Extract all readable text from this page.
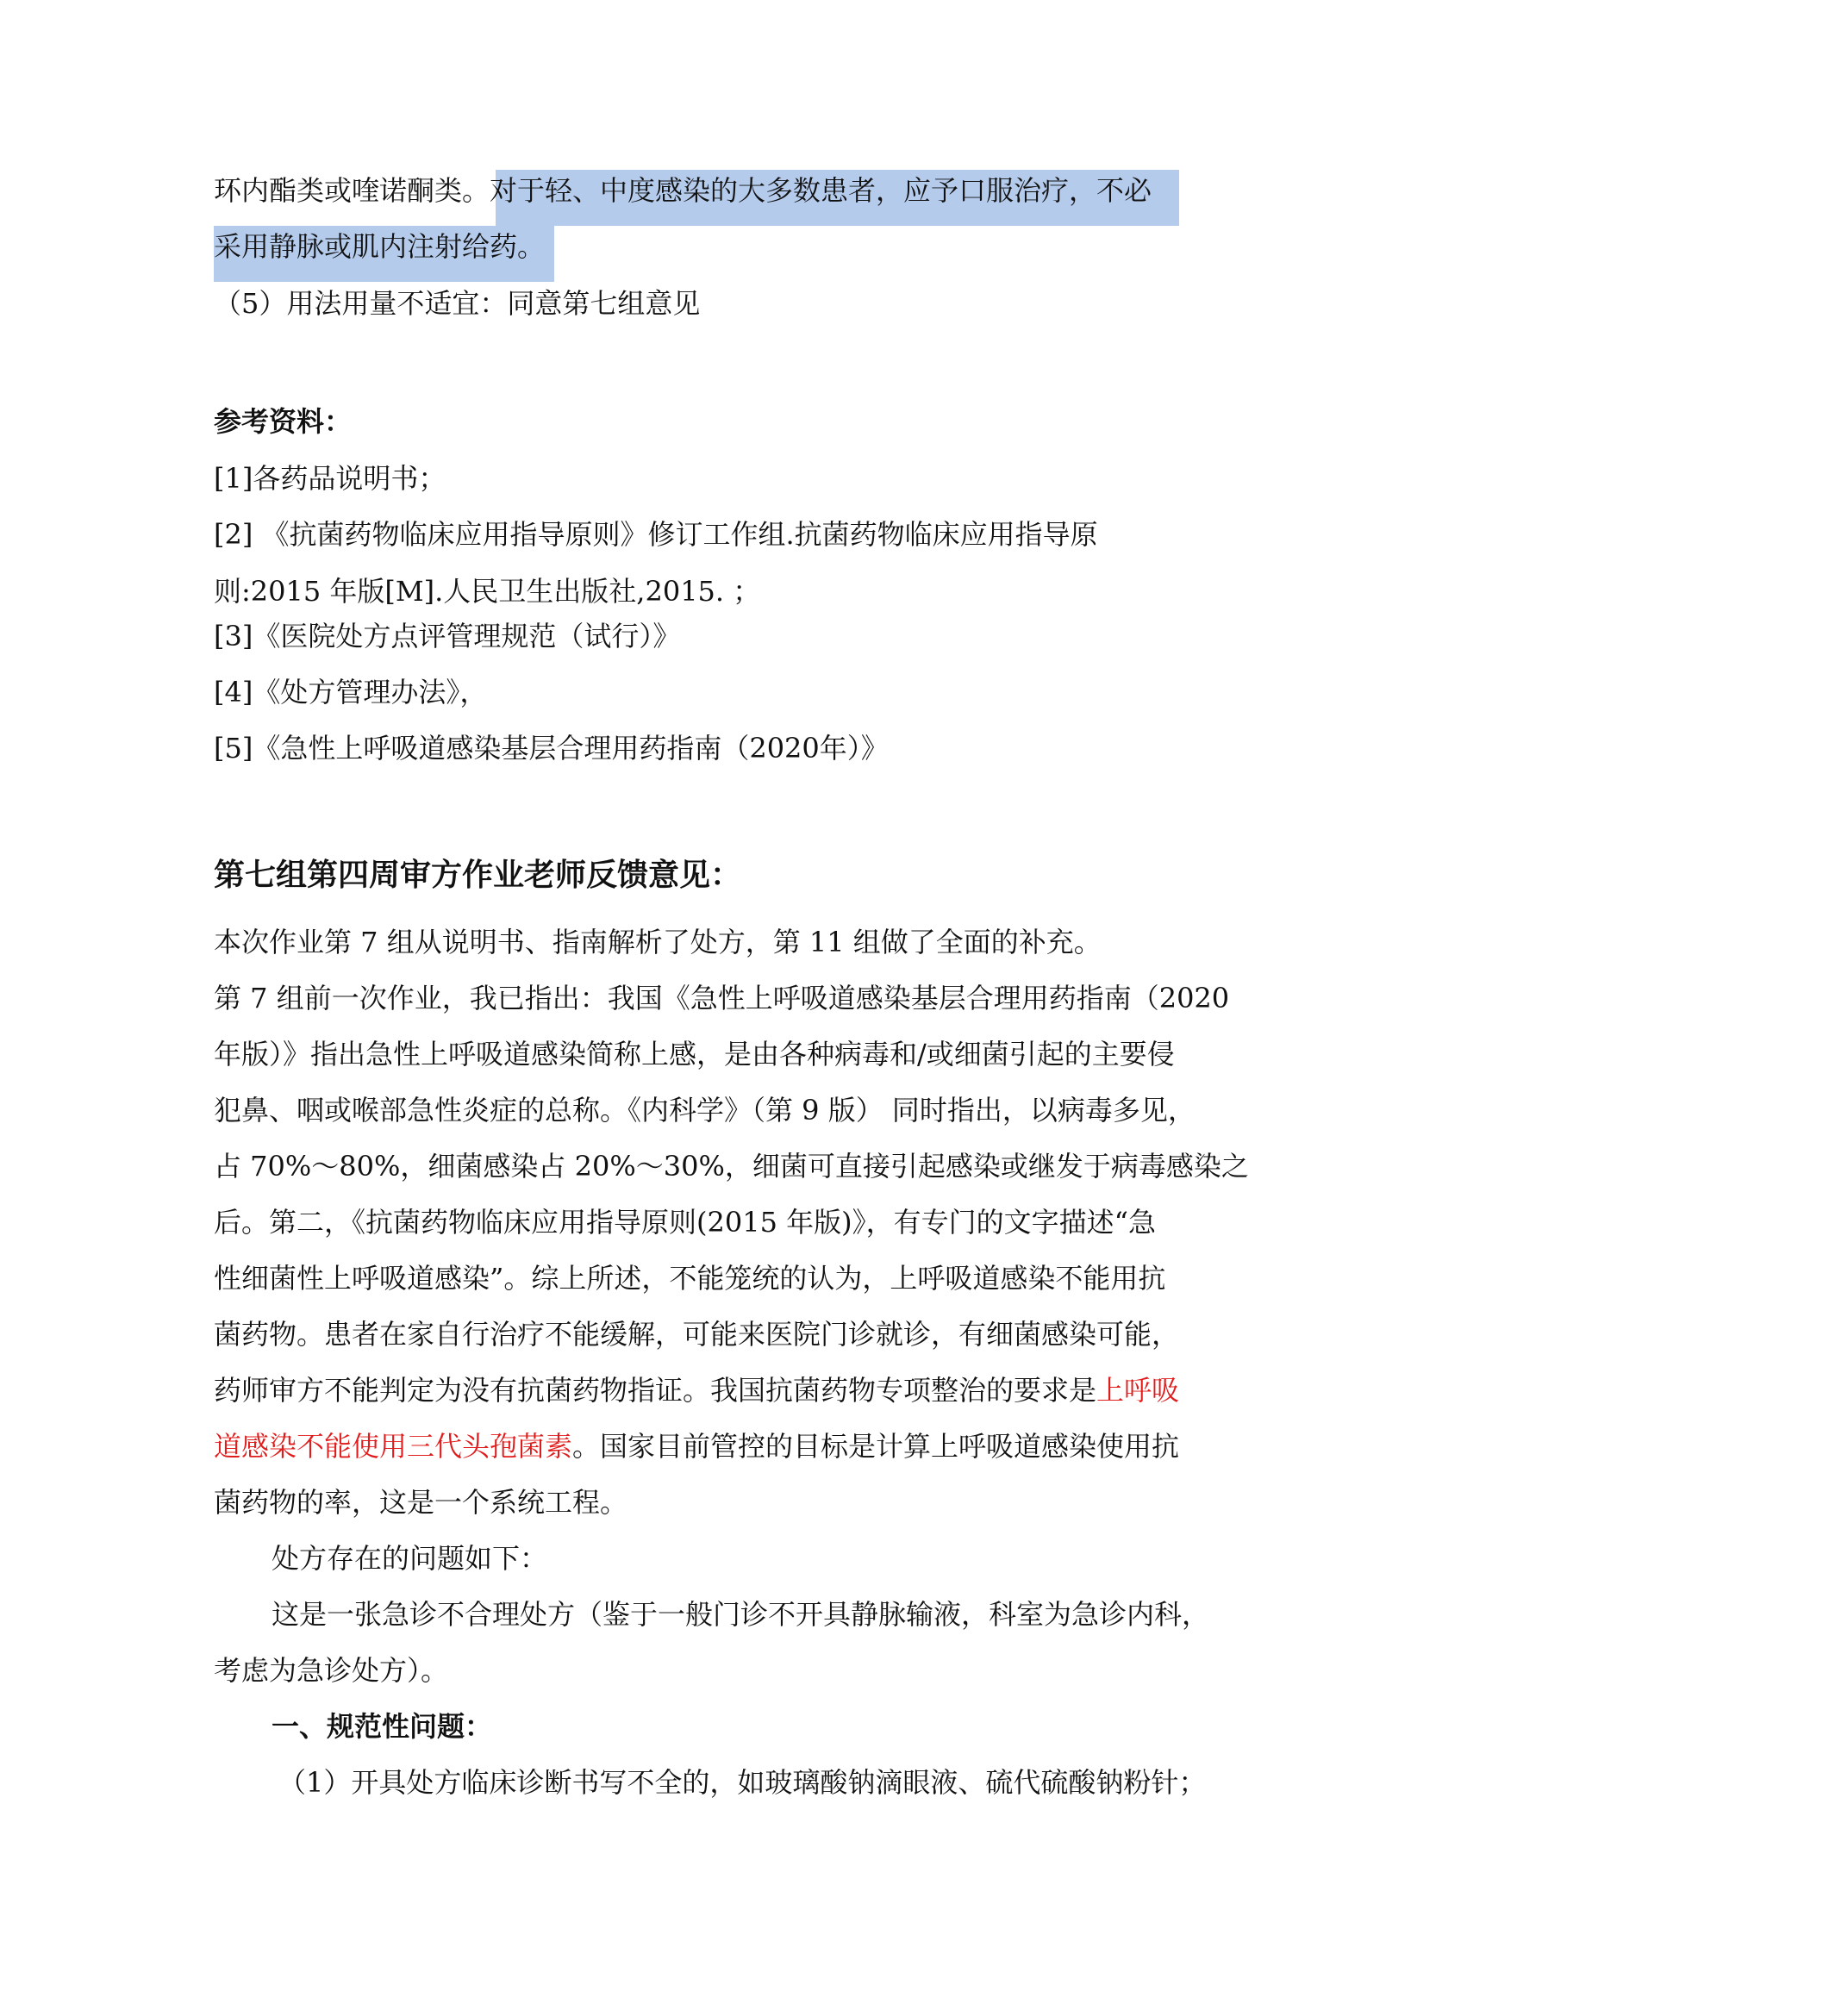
环内酯类或喹诺酮类。对于轻、中度感染的大多数患者，应予口服治疗，不必

采用静脉或肌内注射给药。

（5）用法用量不适宜：同意第七组意见

参考资料：

[1]各药品说明书；

[2] 《抗菌药物临床应用指导原则》修订工作组.抗菌药物临床应用指导原

则:2015 年版[M].人民卫生出版社,2015. ；

[3]《医院处方点评管理规范（试行）》

[4]《处方管理办法》，

[5]《急性上呼吸道感染基层合理用药指南（2020年）》

第七组第四周审方作业老师反馈意见：

本次作业第 7 组从说明书、指南解析了处方，第 11 组做了全面的补充。

第 7 组前一次作业，我已指出：我国《急性上呼吸道感染基层合理用药指南（2020

年版）》指出急性上呼吸道感染简称上感，是由各种病毒和/或细菌引起的主要侵

犯鼻、咽或喉部急性炎症的总称。《内科学》（第 9 版） 同时指出，以病毒多见，

占 70%～80%，细菌感染占 20%～30%，细菌可直接引起感染或继发于病毒感染之

后。第二，《抗菌药物临床应用指导原则(2015 年版)》，有专门的文字描述“急

性细菌性上呼吸道感染”。综上所述，不能笼统的认为，上呼吸道感染不能用抗

菌药物。患者在家自行治疗不能缓解，可能来医院门诊就诊，有细菌感染可能，

药师审方不能判定为没有抗菌药物指证。我国抗菌药物专项整治的要求是上呼吸

道感染不能使用三代头孢菌素。国家目前管控的目标是计算上呼吸道感染使用抗

菌药物的率，这是一个系统工程。

处方存在的问题如下：

这是一张急诊不合理处方（鉴于一般门诊不开具静脉输液，科室为急诊内科，

考虑为急诊处方）。

一、规范性问题：

（1）开具处方临床诊断书写不全的，如玻璃酸钠滴眼液、硫代硫酸钠粉针；
